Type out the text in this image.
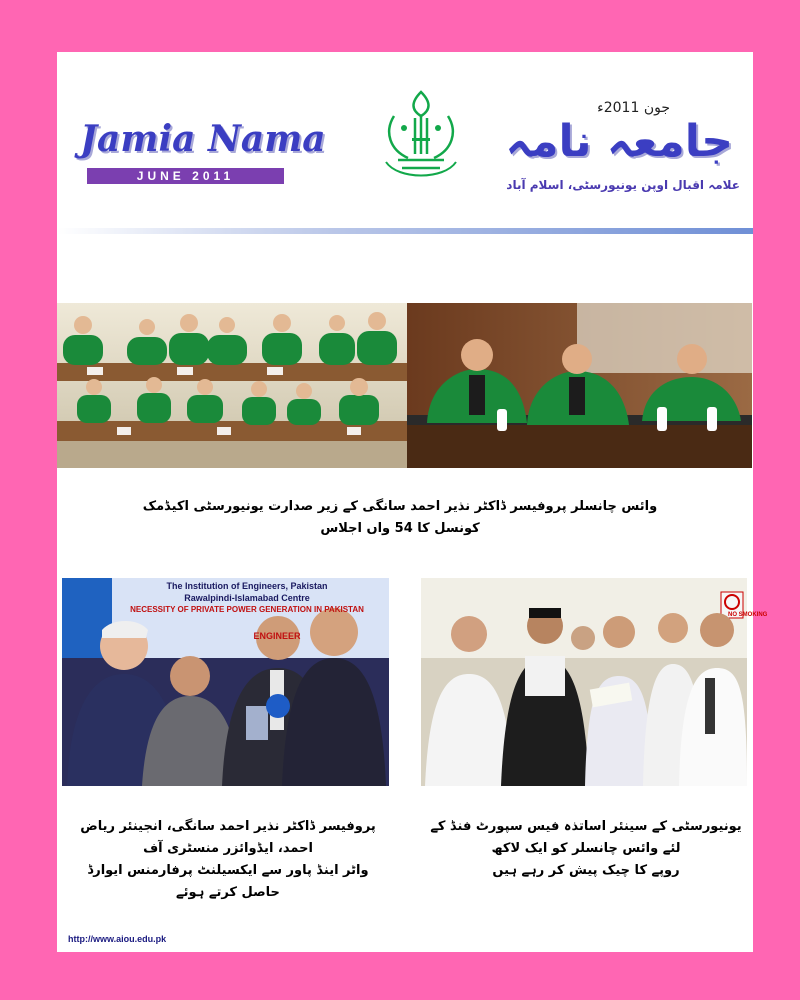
Jamia Nama
JUNE 2011
جون 2011ء
جامعہ نامہ
علامہ اقبال اوپن یونیورسٹی، اسلام آباد
وائس چانسلر پروفیسر ڈاکٹر نذیر احمد سانگی کے زیر صدارت یونیورسٹی اکیڈمک کونسل کا 54 واں اجلاس
The Institution of Engineers, Pakistan
Rawalpindi-Islamabad Centre
NECESSITY OF PRIVATE POWER GENERATION IN PAKISTAN
ENGINEER
پروفیسر ڈاکٹر نذیر احمد سانگی، انجینئر ریاض احمد، ایڈوائزر منسٹری آف
واٹر اینڈ پاور سے ایکسیلنٹ پرفارمنس ایوارڈ حاصل کرتے ہوئے
NO SMOKING
یونیورسٹی کے سینئر اساتذہ فیس سپورٹ فنڈ کے لئے وائس چانسلر کو ایک لاکھ
روپے کا چیک پیش کر رہے ہیں
http://www.aiou.edu.pk
